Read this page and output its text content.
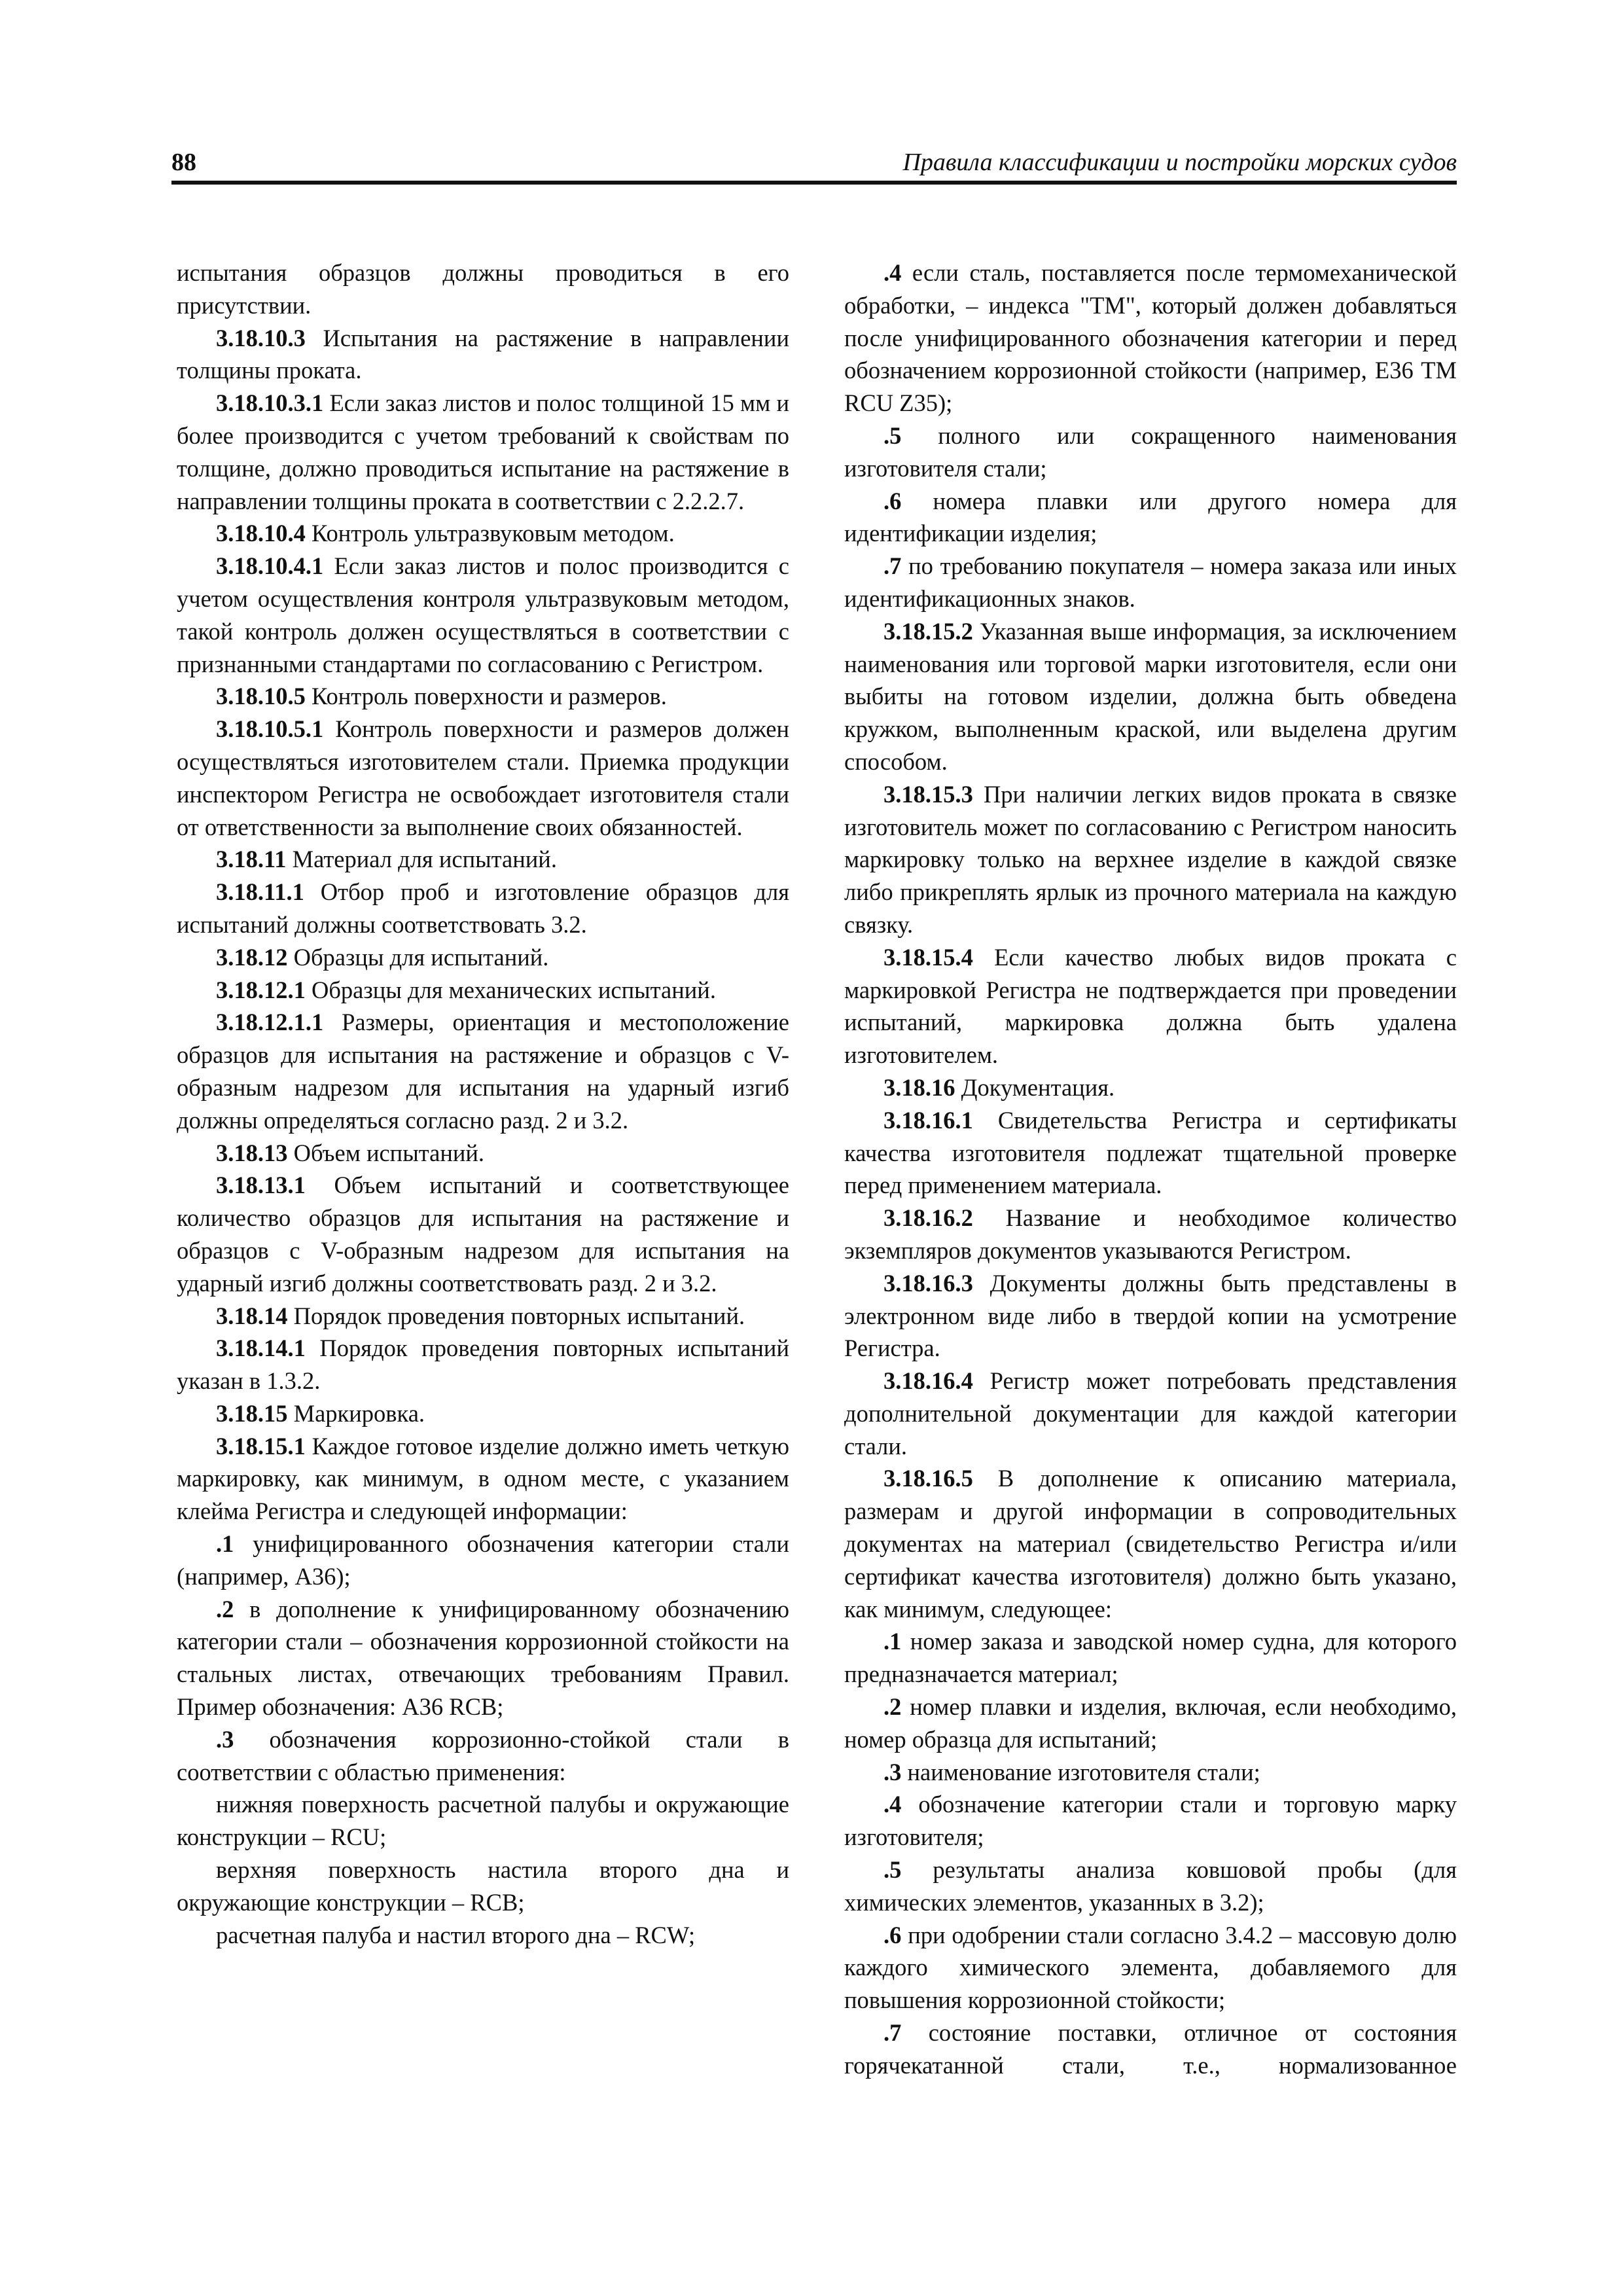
88	Правила классификации и постройки морских судов

испытания образцов должны проводиться в его присутствии.

3.18.10.3 Испытания на растяжение в направлении толщины проката.

3.18.10.3.1 Если заказ листов и полос толщиной 15 мм и более производится с учетом требований к свойствам по толщине, должно проводиться испытание на растяжение в направлении толщины проката в соответствии с 2.2.2.7.

3.18.10.4 Контроль ультразвуковым методом.

3.18.10.4.1 Если заказ листов и полос производится с учетом осуществления контроля ультразвуковым методом, такой контроль должен осуществляться в соответствии с признанными стандартами по согласованию с Регистром.

3.18.10.5 Контроль поверхности и размеров.

3.18.10.5.1 Контроль поверхности и размеров должен осуществляться изготовителем стали. Приемка продукции инспектором Регистра не освобождает изготовителя стали от ответственности за выполнение своих обязанностей.

3.18.11 Материал для испытаний.

3.18.11.1 Отбор проб и изготовление образцов для испытаний должны соответствовать 3.2.

3.18.12 Образцы для испытаний.

3.18.12.1 Образцы для механических испытаний.

3.18.12.1.1 Размеры, ориентация и местоположение образцов для испытания на растяжение и образцов с V-образным надрезом для испытания на ударный изгиб должны определяться согласно разд. 2 и 3.2.

3.18.13 Объем испытаний.

3.18.13.1 Объем испытаний и соответствующее количество образцов для испытания на растяжение и образцов с V-образным надрезом для испытания на ударный изгиб должны соответствовать разд. 2 и 3.2.

3.18.14 Порядок проведения повторных испытаний.

3.18.14.1 Порядок проведения повторных испытаний указан в 1.3.2.

3.18.15 Маркировка.

3.18.15.1 Каждое готовое изделие должно иметь четкую маркировку, как минимум, в одном месте, с указанием клейма Регистра и следующей информации:

.1 унифицированного обозначения категории стали (например, A36);

.2 в дополнение к унифицированному обозначению категории стали – обозначения коррозионной стойкости на стальных листах, отвечающих требованиям Правил. Пример обозначения: A36 RCB;

.3 обозначения коррозионно-стойкой стали в соответствии с областью применения:

нижняя поверхность расчетной палубы и окружающие конструкции – RCU;

верхняя поверхность настила второго дна и окружающие конструкции – RCB;

расчетная палуба и настил второго дна – RCW;

.4 если сталь, поставляется после термомеханической обработки, – индекса "TM", который должен добавляться после унифицированного обозначения категории и перед обозначением коррозионной стойкости (например, E36 TM RCU Z35);

.5 полного или сокращенного наименования изготовителя стали;

.6 номера плавки или другого номера для идентификации изделия;

.7 по требованию покупателя – номера заказа или иных идентификационных знаков.

3.18.15.2 Указанная выше информация, за исключением наименования или торговой марки изготовителя, если они выбиты на готовом изделии, должна быть обведена кружком, выполненным краской, или выделена другим способом.

3.18.15.3 При наличии легких видов проката в связке изготовитель может по согласованию с Регистром наносить маркировку только на верхнее изделие в каждой связке либо прикреплять ярлык из прочного материала на каждую связку.

3.18.15.4 Если качество любых видов проката с маркировкой Регистра не подтверждается при проведении испытаний, маркировка должна быть удалена изготовителем.

3.18.16 Документация.

3.18.16.1 Свидетельства Регистра и сертификаты качества изготовителя подлежат тщательной проверке перед применением материала.

3.18.16.2 Название и необходимое количество экземпляров документов указываются Регистром.

3.18.16.3 Документы должны быть представлены в электронном виде либо в твердой копии на усмотрение Регистра.

3.18.16.4 Регистр может потребовать представления дополнительной документации для каждой категории стали.

3.18.16.5 В дополнение к описанию материала, размерам и другой информации в сопроводительных документах на материал (свидетельство Регистра и/или сертификат качества изготовителя) должно быть указано, как минимум, следующее:

.1 номер заказа и заводской номер судна, для которого предназначается материал;

.2 номер плавки и изделия, включая, если необходимо, номер образца для испытаний;

.3 наименование изготовителя стали;

.4 обозначение категории стали и торговую марку изготовителя;

.5 результаты анализа ковшовой пробы (для химических элементов, указанных в 3.2);

.6 при одобрении стали согласно 3.4.2 – массовую долю каждого химического элемента, добавляемого для повышения коррозионной стойкости;

.7 состояние поставки, отличное от состояния горячекатанной стали, т.е., нормализованное
